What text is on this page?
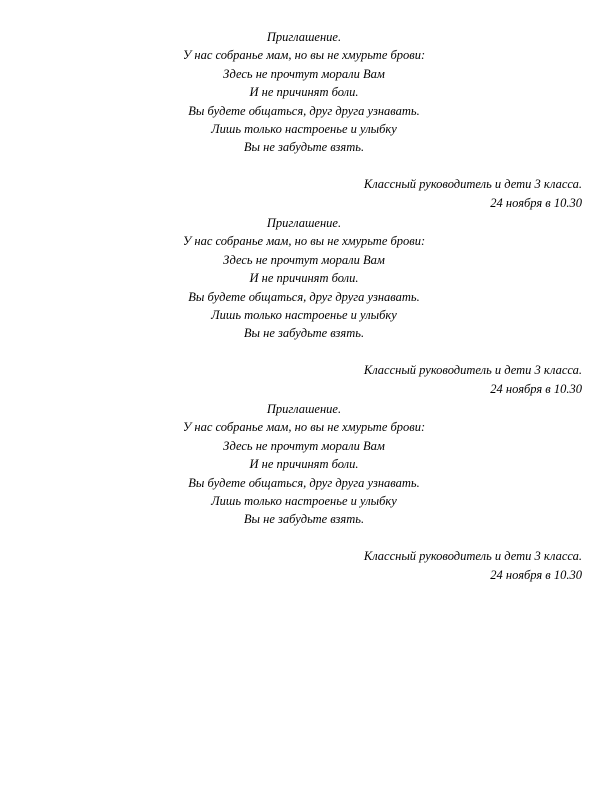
Приглашение.
У нас собранье мам, но вы не хмурьте брови:
Здесь не прочтут морали Вам
И не причинят боли.
Вы будете общаться, друг друга узнавать.
Лишь только настроенье и улыбку
Вы не забудьте взять.
Классный руководитель и дети 3 класса.
24 ноября в 10.30
Приглашение.
У нас собранье мам, но вы не хмурьте брови:
Здесь не прочтут морали Вам
И не причинят боли.
Вы будете общаться, друг друга узнавать.
Лишь только настроенье и улыбку
Вы не забудьте взять.
Классный руководитель и дети 3 класса.
24 ноября в 10.30
Приглашение.
У нас собранье мам, но вы не хмурьте брови:
Здесь не прочтут морали Вам
И не причинят боли.
Вы будете общаться, друг друга узнавать.
Лишь только настроенье и улыбку
Вы не забудьте взять.
Классный руководитель и дети 3 класса.
24 ноября в 10.30
